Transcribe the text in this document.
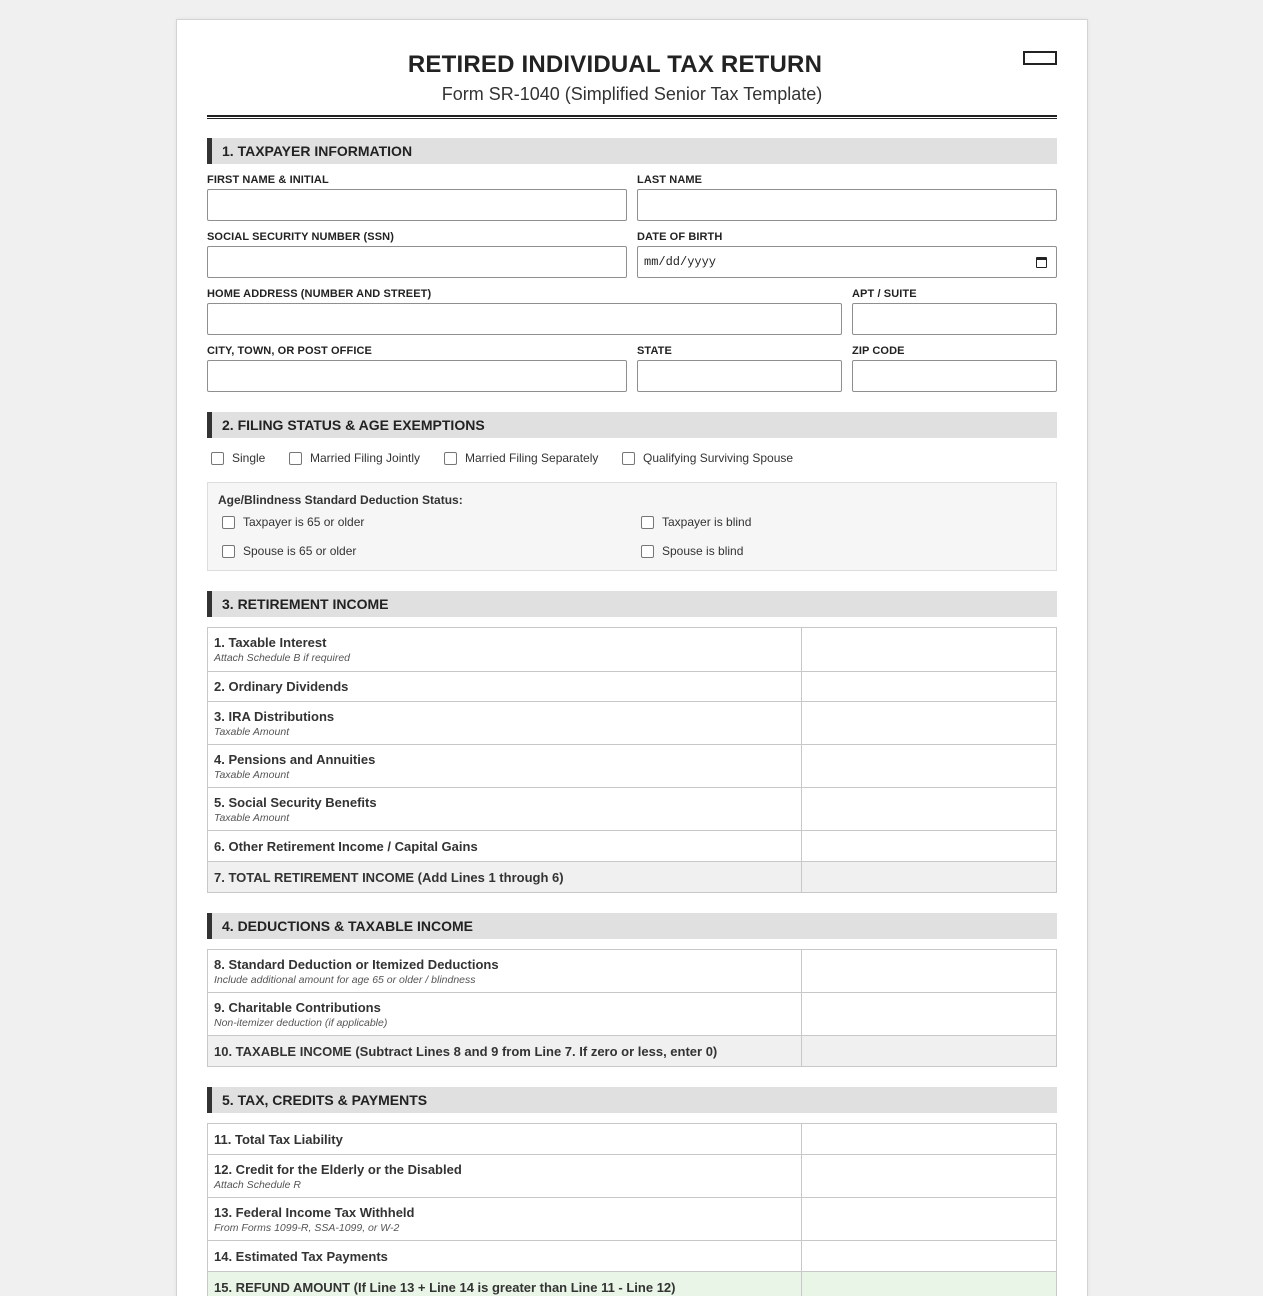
RETIRED INDIVIDUAL TAX RETURN
Form SR-1040 (Simplified Senior Tax Template)
1. TAXPAYER INFORMATION
FIRST NAME & INITIAL	LAST NAME
SOCIAL SECURITY NUMBER (SSN)	DATE OF BIRTH
mm/dd/yyyy
HOME ADDRESS (NUMBER AND STREET)	APT / SUITE
CITY, TOWN, OR POST OFFICE	STATE	ZIP CODE
2. FILING STATUS & AGE EXEMPTIONS
Single	Married Filing Jointly	Married Filing Separately	Qualifying Surviving Spouse
Age/Blindness Standard Deduction Status:
Taxpayer is 65 or older	Taxpayer is blind
Spouse is 65 or older	Spouse is blind
3. RETIREMENT INCOME
1. Taxable Interest
Attach Schedule B if required
2. Ordinary Dividends
3. IRA Distributions
Taxable Amount
4. Pensions and Annuities
Taxable Amount
5. Social Security Benefits
Taxable Amount
6. Other Retirement Income / Capital Gains
7. TOTAL RETIREMENT INCOME (Add Lines 1 through 6)
4. DEDUCTIONS & TAXABLE INCOME
8. Standard Deduction or Itemized Deductions
Include additional amount for age 65 or older / blindness
9. Charitable Contributions
Non-itemizer deduction (if applicable)
10. TAXABLE INCOME (Subtract Lines 8 and 9 from Line 7. If zero or less, enter 0)
5. TAX, CREDITS & PAYMENTS
11. Total Tax Liability
12. Credit for the Elderly or the Disabled
Attach Schedule R
13. Federal Income Tax Withheld
From Forms 1099-R, SSA-1099, or W-2
14. Estimated Tax Payments
15. REFUND AMOUNT (If Line 13 + Line 14 is greater than Line 11 - Line 12)
